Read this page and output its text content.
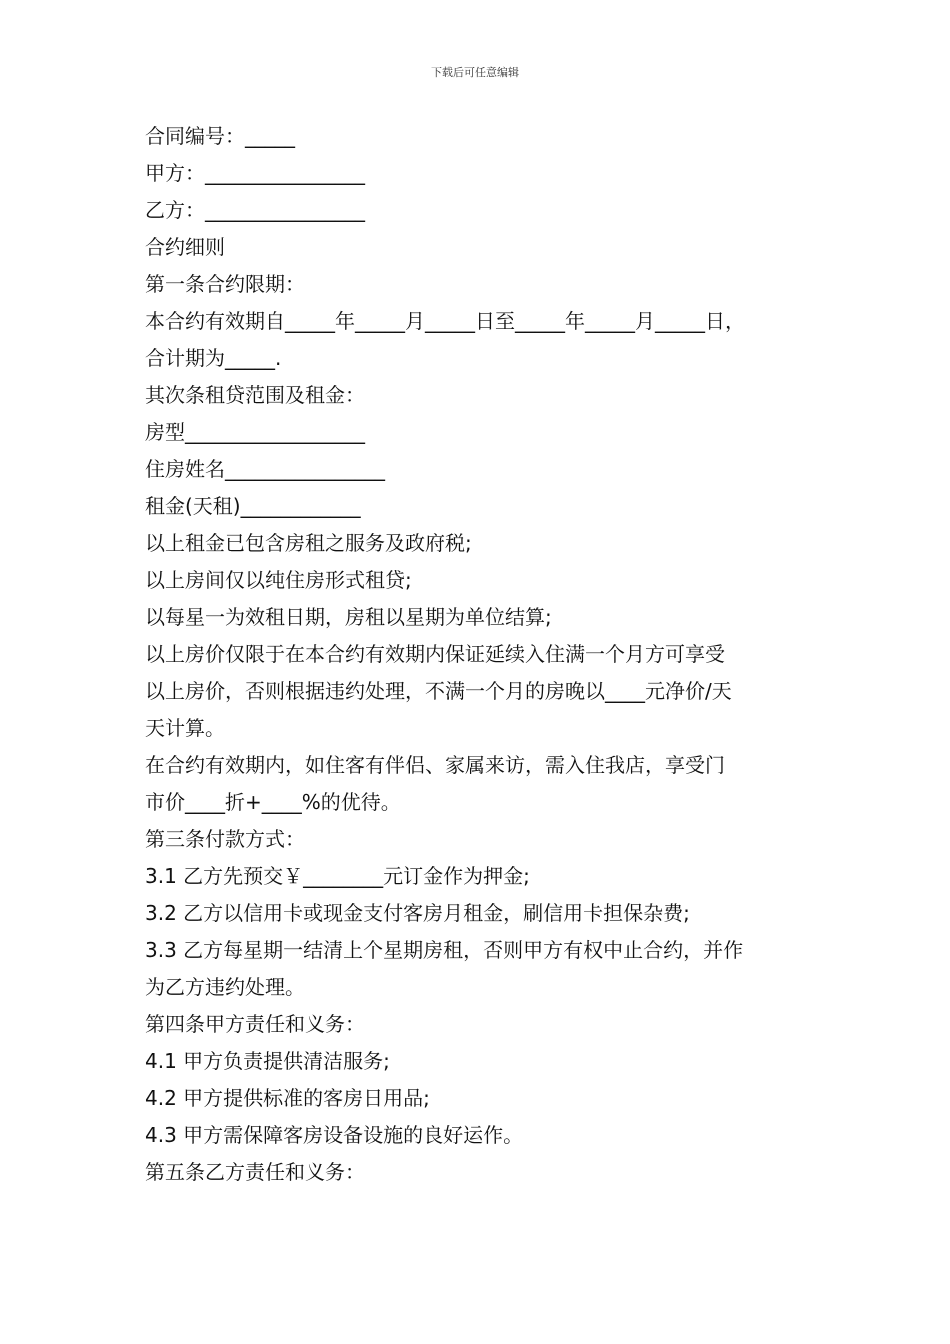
下载后可任意编辑
合同编号：_____
甲方：________________
乙方：________________
合约细则
第一条合约限期：
本合约有效期自_____年_____月_____日至_____年_____月_____日，
合计期为_____.
其次条租贷范围及租金：
房型__________________
住房姓名________________
租金(天租)____________
以上租金已包含房租之服务及政府税;
以上房间仅以纯住房形式租贷;
以每星一为效租日期，房租以星期为单位结算;
以上房价仅限于在本合约有效期内保证延续入住满一个月方可享受
以上房价，否则根据违约处理，不满一个月的房晚以____元净价/天
天计算。
在合约有效期内，如住客有伴侣、家属来访，需入住我店，享受门
市价____折+____%的优待。
第三条付款方式：
3.1 乙方先预交￥________元订金作为押金;
3.2 乙方以信用卡或现金支付客房月租金，刷信用卡担保杂费;
3.3 乙方每星期一结清上个星期房租，否则甲方有权中止合约，并作
为乙方违约处理。
第四条甲方责任和义务：
4.1 甲方负责提供清洁服务;
4.2 甲方提供标准的客房日用品;
4.3 甲方需保障客房设备设施的良好运作。
第五条乙方责任和义务：
